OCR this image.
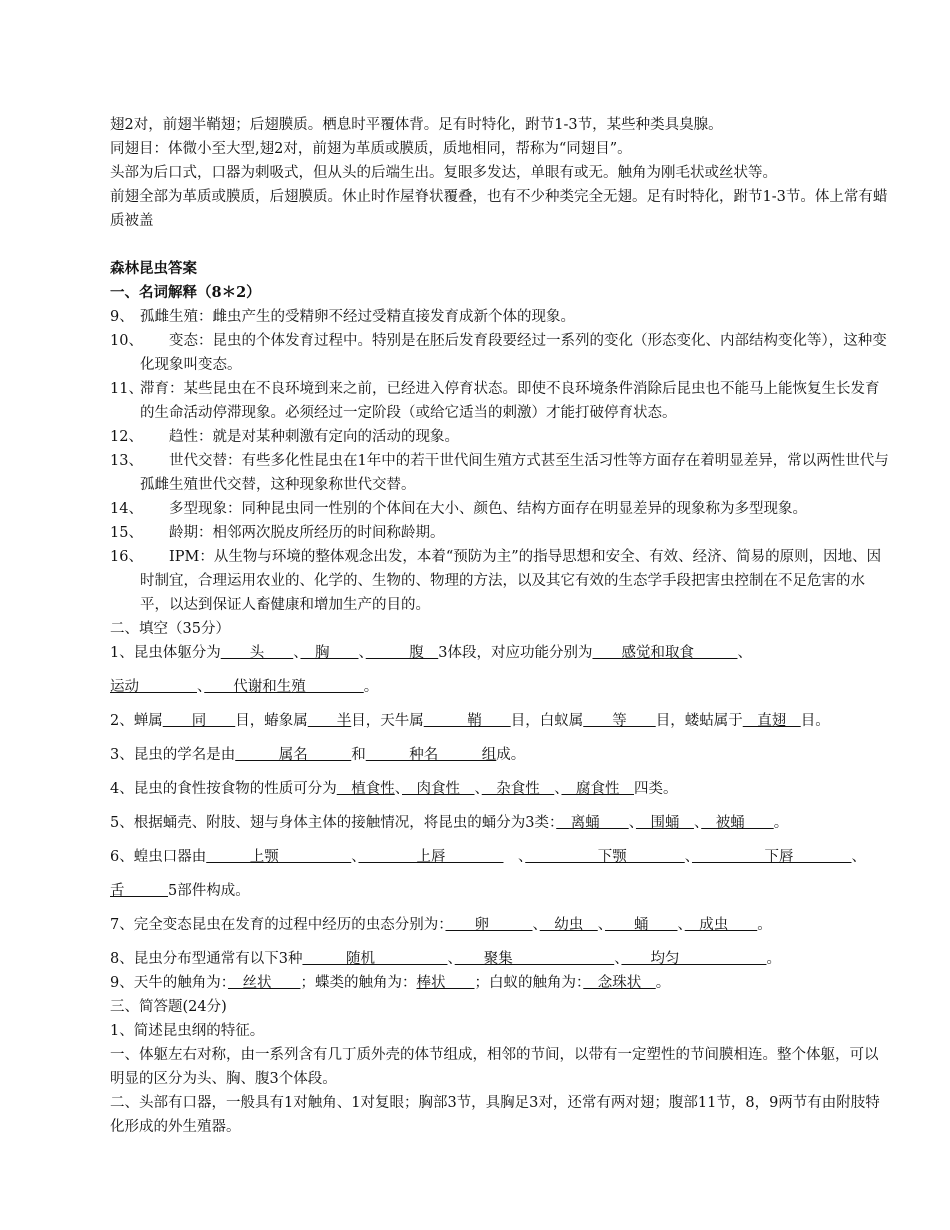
翅2对，前翅半鞘翅；后翅膜质。栖息时平覆体背。足有时特化，跗节1-3节，某些种类具臭腺。
同翅目：体微小至大型,翅2对，前翅为革质或膜质，质地相同，帮称为“同翅目”。
头部为后口式，口器为刺吸式，但从头的后端生出。复眼多发达，单眼有或无。触角为刚毛状或丝状等。
前翅全部为革质或膜质，后翅膜质。休止时作屋脊状覆叠，也有不少种类完全无翅。足有时特化，跗节1-3节。体上常有蜡质被盖
森林昆虫答案
一、名词解释（8＊2）
9、 孤雌生殖：雌虫产生的受精卵不经过受精直接发育成新个体的现象。
10、　　变态：昆虫的个体发育过程中。特别是在胚后发育段要经过一系列的变化（形态变化、内部结构变化等），这种变化现象叫变态。
11、滞育：某些昆虫在不良环境到来之前，已经进入停育状态。即使不良环境条件消除后昆虫也不能马上能恢复生长发育的生命活动停滞现象。必须经过一定阶段（或给它适当的刺激）才能打破停育状态。
12、　　趋性：就是对某种刺激有定向的活动的现象。
13、　　世代交替：有些多化性昆虫在1年中的若干世代间生殖方式甚至生活习性等方面存在着明显差异，常以两性世代与孤雌生殖世代交替，这种现象称世代交替。
14、　　多型现象：同种昆虫同一性别的个体间在大小、颜色、结构方面存在明显差异的现象称为多型现象。
15、　　龄期：相邻两次脱皮所经历的时间称龄期。
16、　　IPM：从生物与环境的整体观念出发，本着“预防为主”的指导思想和安全、有效、经济、简易的原则，因地、因时制宜，合理运用农业的、化学的、生物的、物理的方法，以及其它有效的生态学手段把害虫控制在不足危害的水平，以达到保证人畜健康和增加生产的目的。
二、填空（35分）
1、昆虫体躯分为　　头　　、　胸　　、　　　腹　3体段，对应功能分别为　　感觉和取食　　　、
运动　　　　、　　代谢和生殖　　　　。
2、蝉属　　同　　目，蝽象属　　半目，天牛属　　　鞘　　目，白蚁属　　等　　目，蝼蛄属于　直翅　目。
3、昆虫的学名是由　　　属名　　　和　　　种名　　　组成。
4、昆虫的食性按食物的性质可分为　植食性、　肉食性　、　杂食性　、　腐食性　四类。
5、根据蛹壳、附肢、翅与身体主体的接触情况，将昆虫的蛹分为3类：　离蛹　　、　围蛹　、　被蛹　　。
6、蝗虫口器由　　　上颚　　　　　、　　　　上唇　　　　　、　　　　　下颚　　　　、　　　　　下唇　　　　、
舌　　　5部件构成。
7、完全变态昆虫在发育的过程中经历的虫态分别为：　　卵　　　、　幼虫　、　　蛹　　、　成虫　　。
8、昆虫分布型通常有以下3种　　　随机　　　　　、　　聚集　　　　　　　、　　均匀　　　　　　。
9、天牛的触角为：　丝状　　；蝶类的触角为：棒状　　；白蚁的触角为：　念珠状　。
三、简答题(24分)
1、简述昆虫纲的特征。
一、体躯左右对称，由一系列含有几丁质外壳的体节组成，相邻的节间，以带有一定塑性的节间膜相连。整个体躯，可以明显的区分为头、胸、腹3个体段。
二、头部有口器，一般具有1对触角、1对复眼；胸部3节，具胸足3对，还常有两对翅；腹部11节，8，9两节有由附肢特化形成的外生殖器。
